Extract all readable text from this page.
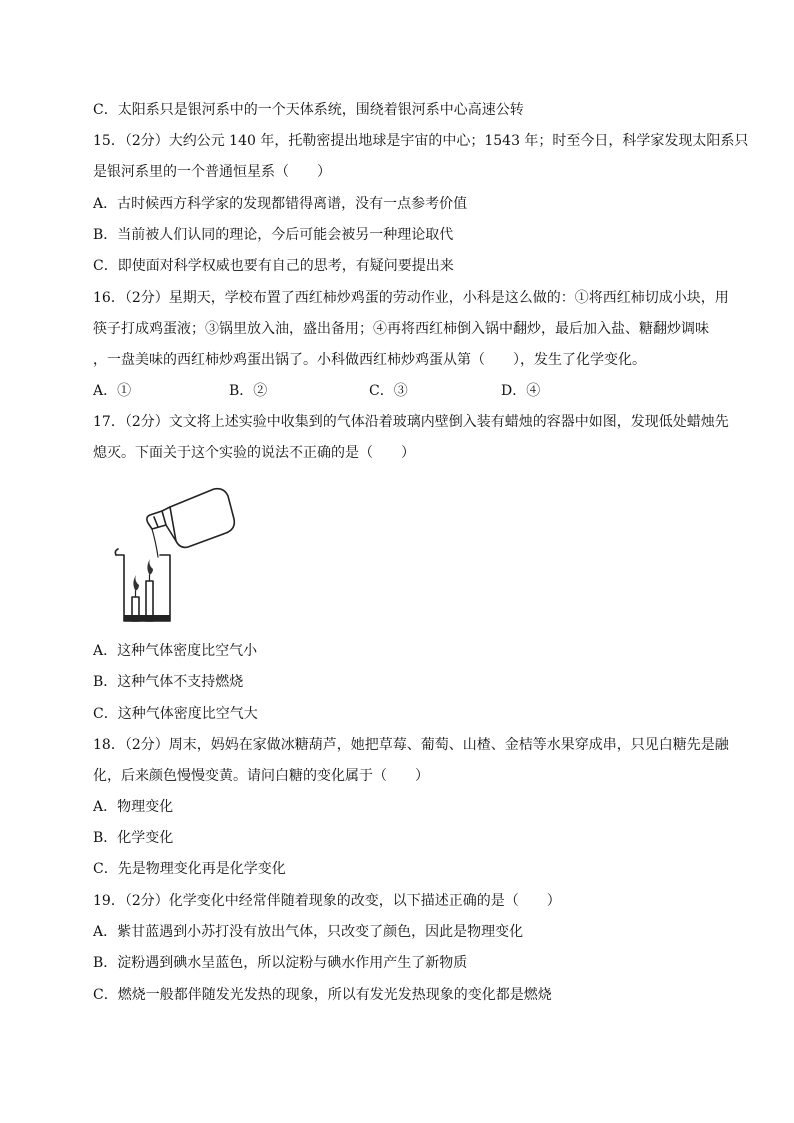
C．太阳系只是银河系中的一个天体系统，围绕着银河系中心高速公转
15．（2分）大约公元 140 年，托勒密提出地球是宇宙的中心；1543 年；时至今日，科学家发现太阳系只
是银河系里的一个普通恒星系（　　）
A．古时候西方科学家的发现都错得离谱，没有一点参考价值
B．当前被人们认同的理论，今后可能会被另一种理论取代
C．即使面对科学权威也要有自己的思考，有疑问要提出来
16．（2分）星期天，学校布置了西红柿炒鸡蛋的劳动作业，小科是这么做的：①将西红柿切成小块，用
筷子打成鸡蛋液；③锅里放入油，盛出备用；④再将西红柿倒入锅中翻炒，最后加入盐、糖翻炒调味
，一盘美味的西红柿炒鸡蛋出锅了。小科做西红柿炒鸡蛋从第（　　），发生了化学变化。
A．①	B．②	C．③	D．④
17．（2分）文文将上述实验中收集到的气体沿着玻璃内壁倒入装有蜡烛的容器中如图，发现低处蜡烛先
熄灭。下面关于这个实验的说法不正确的是（　　）
A．这种气体密度比空气小
B．这种气体不支持燃烧
C．这种气体密度比空气大
18．（2分）周末，妈妈在家做冰糖葫芦，她把草莓、葡萄、山楂、金桔等水果穿成串，只见白糖先是融
化，后来颜色慢慢变黄。请问白糖的变化属于（　　）
A．物理变化
B．化学变化
C．先是物理变化再是化学变化
19．（2分）化学变化中经常伴随着现象的改变，以下描述正确的是（　　）
A．紫甘蓝遇到小苏打没有放出气体，只改变了颜色，因此是物理变化
B．淀粉遇到碘水呈蓝色，所以淀粉与碘水作用产生了新物质
C．燃烧一般都伴随发光发热的现象，所以有发光发热现象的变化都是燃烧
